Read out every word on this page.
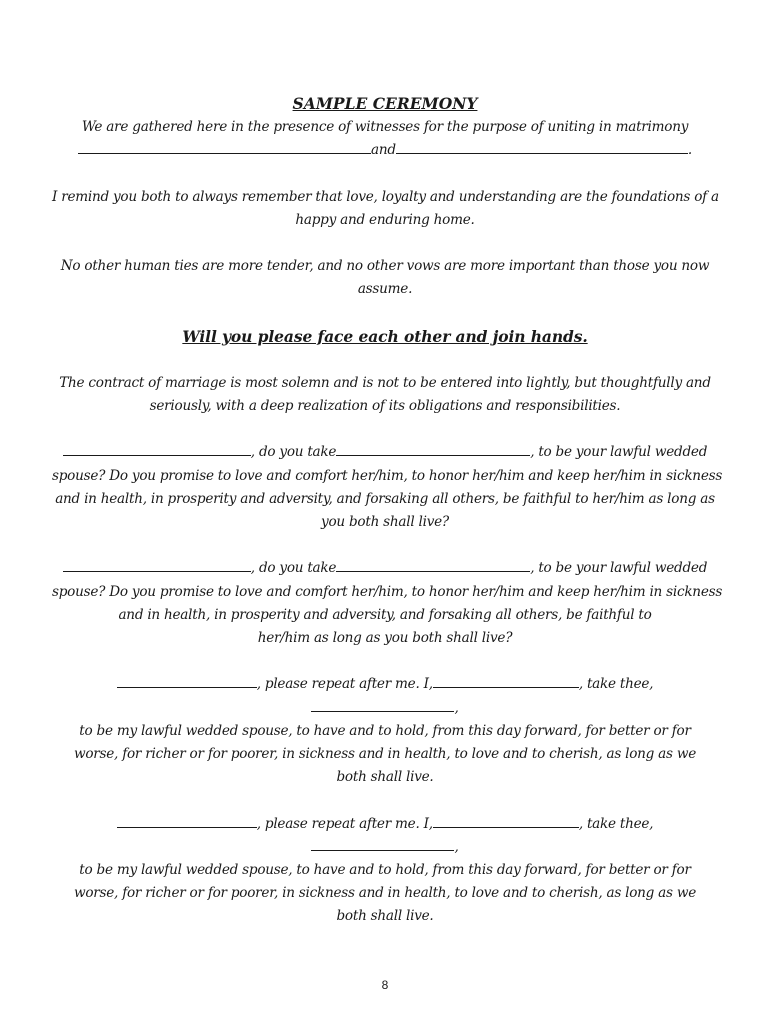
SAMPLE CEREMONY

We are gathered here in the presence of witnesses for the purpose of uniting in matrimony
and	.

I remind you both to always remember that love, loyalty and understanding are the foundations of a
happy and enduring home.

No other human ties are more tender, and no other vows are more important than those you now
assume.

Will you please face each other and join hands.

The contract of marriage is most solemn and is not to be entered into lightly, but thoughtfully and
seriously, with a deep realization of its obligations and responsibilities.

, do you take	, to be your lawful wedded
spouse? Do you promise to love and comfort her/him, to honor her/him and keep her/him in sickness
and in health, in prosperity and adversity, and forsaking all others, be faithful to her/him as long as
you both shall live?

, do you take	, to be your lawful wedded
spouse? Do you promise to love and comfort her/him, to honor her/him and keep her/him in sickness
and in health, in prosperity and adversity, and forsaking all others, be faithful to
her/him as long as you both shall live?

, please repeat after me. I,	, take thee,
,
to be my lawful wedded spouse, to have and to hold, from this day forward, for better or for
worse, for richer or for poorer, in sickness and in health, to love and to cherish, as long as we
both shall live.

, please repeat after me. I,	, take thee,
,
to be my lawful wedded spouse, to have and to hold, from this day forward, for better or for
worse, for richer or for poorer, in sickness and in health, to love and to cherish, as long as we
both shall live.

8
